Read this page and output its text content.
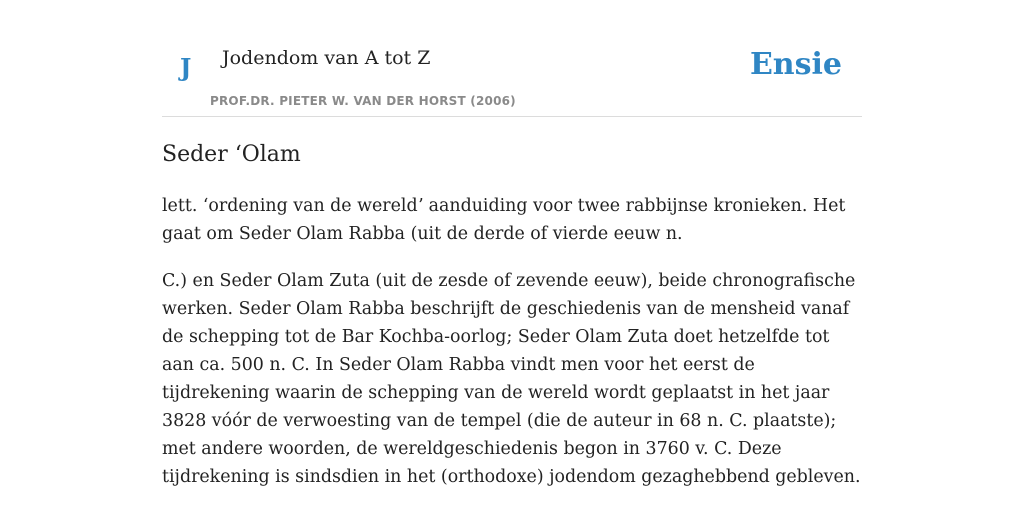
J Jodendom van A tot Z
PROF.DR. PIETER W. VAN DER HORST (2006)
Ensie
Seder ʻOlam

lett. ʻordening van de wereldʼ aanduiding voor twee rabbijnse kronieken. Het gaat om Seder Olam Rabba (uit de derde of vierde eeuw n.

C.) en Seder Olam Zuta (uit de zesde of zevende eeuw), beide chronografische werken. Seder Olam Rabba beschrijft de geschiedenis van de mensheid vanaf de schepping tot de Bar Kochba-oorlog; Seder Olam Zuta doet hetzelfde tot aan ca. 500 n. C. In Seder Olam Rabba vindt men voor het eerst de tijdrekening waarin de schepping van de wereld wordt geplaatst in het jaar 3828 vóór de verwoesting van de tempel (die de auteur in 68 n. C. plaatste); met andere woorden, de wereldgeschiedenis begon in 3760 v. C. Deze tijdrekening is sindsdien in het (orthodoxe) jodendom gezaghebbend gebleven.
